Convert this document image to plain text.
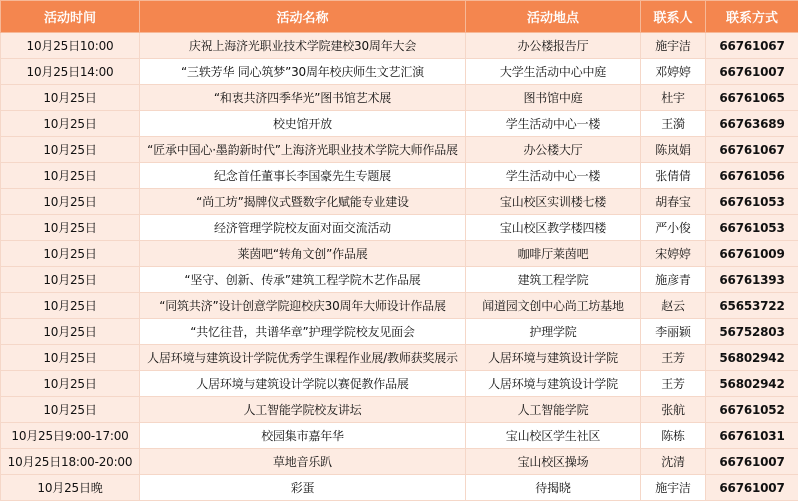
活动时间	活动名称	活动地点	联系人	联系方式
10月25日10:00	庆祝上海济光职业技术学院建校30周年大会	办公楼报告厅	施宇洁	66761067
10月25日14:00	“三轶芳华 同心筑梦”30周年校庆师生文艺汇演	大学生活动中心中庭	邓婷婷	66761007
10月25日	“和衷共济四季华光”图书馆艺术展	图书馆中庭	杜宇	66761065
10月25日	校史馆开放	学生活动中心一楼	王漪	66763689
10月25日	“匠承中国心·墨韵新时代”上海济光职业技术学院大师作品展	办公楼大厅	陈岚娟	66761067
10月25日	纪念首任董事长李国豪先生专题展	学生活动中心一楼	张倩倩	66761056
10月25日	“尚工坊”揭牌仪式暨数字化赋能专业建设	宝山校区实训楼七楼	胡春宝	66761053
10月25日	经济管理学院校友面对面交流活动	宝山校区教学楼四楼	严小俊	66761053
10月25日	莱茵吧“转角文创”作品展	咖啡厅莱茵吧	宋婷婷	66761009
10月25日	“坚守、创新、传承”建筑工程学院木艺作品展	建筑工程学院	施彦青	66761393
10月25日	“同筑共济”设计创意学院迎校庆30周年大师设计作品展	闻道园文创中心尚工坊基地	赵云	65653722
10月25日	“共忆往昔，共谱华章”护理学院校友见面会	护理学院	李丽颖	56752803
10月25日	人居环境与建筑设计学院优秀学生课程作业展/教师获奖展示	人居环境与建筑设计学院	王芳	56802942
10月25日	人居环境与建筑设计学院以赛促教作品展	人居环境与建筑设计学院	王芳	56802942
10月25日	人工智能学院校友讲坛	人工智能学院	张航	66761052
10月25日9:00-17:00	校园集市嘉年华	宝山校区学生社区	陈栋	66761031
10月25日18:00-20:00	草地音乐趴	宝山校区操场	沈清	66761007
10月25日晚	彩蛋	待揭晓	施宇洁	66761007
